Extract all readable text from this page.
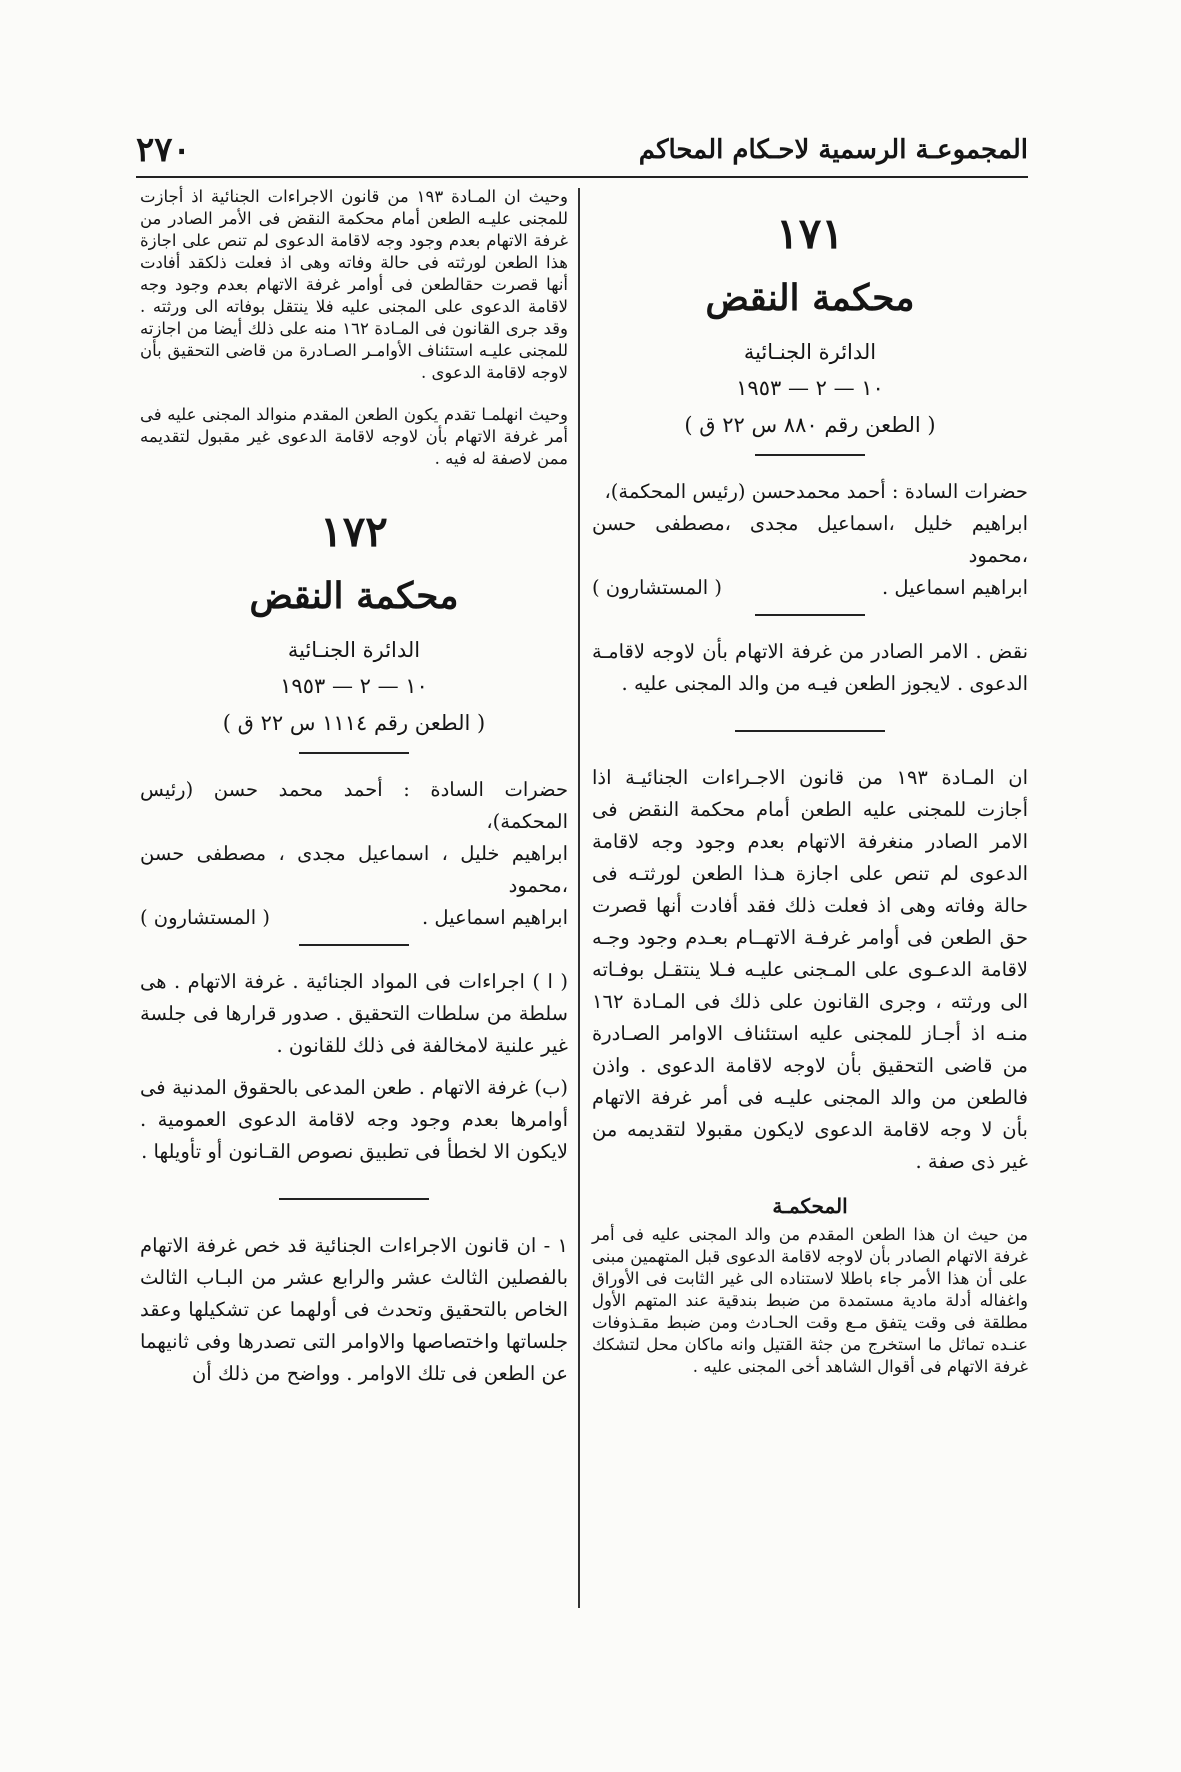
٢٧٠	المجموعـة الرسمية لاحـكام المحاكم
١٧١
محكمة النقض
الدائرة الجنـائية
١٠ — ٢ — ١٩٥٣
( الطعن رقم ٨٨٠ س ٢٢ ق )

حضرات السادة : أحمد محمدحسن (رئيس المحكمة)،

ابراهيم خليل ،اسماعيل مجدى ،مصطفى حسن ،محمود

ابراهيم اسماعيل .
( المستشارون )

نقض . الامر الصادر من غرفة الاتهام بأن لاوجه لاقامـة الدعوى . لايجوز الطعن فيـه من والد المجنى عليه .

ان المـادة ١٩٣ من قانون الاجـراءات الجنائيـة اذا أجازت للمجنى عليه الطعن أمام محكمة النقض فى الامر الصادر منغرفة الاتهام بعدم وجود وجه لاقامة الدعوى لم تنص على اجازة هـذا الطعن لورثتـه فى حالة وفاته وهى اذ فعلت ذلك فقد أفادت أنها قصرت حق الطعن فى أوامر غرفـة الاتهــام بعـدم وجود وجـه لاقامة الدعـوى على المـجنى عليـه فـلا ينتقـل بوفـاته الى ورثته ، وجرى القانون على ذلك فى المـادة ١٦٢ منـه اذ أجـاز للمجنى عليه استئناف الاوامر الصـادرة من قاضى التحقيق بأن لاوجه لاقامة الدعوى . واذن فالطعن من والد المجنى عليـه فى أمر غرفة الاتهام بأن لا وجه لاقامة الدعوى لايكون مقبولا لتقديمه من غير ذى صفة .

المحكمـة

من حيث ان هذا الطعن المقدم من والد المجنى عليه فى أمر غرفة الاتهام الصادر بأن لاوجه لاقامة الدعوى قبل المتهمين مبنى على أن هذا الأمر جاء باطلا لاستناده الى غير الثابت فى الأوراق واغفاله أدلة مادية مستمدة من ضبط بندقية عند المتهم الأول مطلقة فى وقت يتفق مـع وقت الحـادث ومن ضبط مقـذوفات عنـده تماثل ما استخرج من جثة القتيل وانه ماكان محل لتشكك غرفة الاتهام فى أقوال الشاهد أخى المجنى عليه .

وحيث ان المـادة ١٩٣ من قانون الاجراءات الجنائية اذ أجازت للمجنى عليـه الطعن أمام محكمة النقض فى الأمر الصادر من غرفة الاتهام بعدم وجود وجه لاقامة الدعوى لم تنص على اجازة هذا الطعن لورثته فى حالة وفاته وهى اذ فعلت ذلكقد أفادت أنها قصرت حقالطعن فى أوامر غرفة الاتهام بعدم وجود وجه لاقامة الدعوى على المجنى عليه فلا ينتقل بوفاته الى ورثته . وقد جرى القانون فى المـادة ١٦٢ منه على ذلك أيضا من اجازته للمجنى عليـه استئناف الأوامـر الصـادرة من قاضى التحقيق بأن لاوجه لاقامة الدعوى .

وحيث انهلمـا تقدم يكون الطعن المقدم منوالد المجنى عليه فى أمر غرفة الاتهام بأن لاوجه لاقامة الدعوى غير مقبول لتقديمه ممن لاصفة له فيه .

١٧٢
محكمة النقض
الدائرة الجنـائية
١٠ — ٢ — ١٩٥٣
( الطعن رقم ١١١٤ س ٢٢ ق )

حضرات السادة : أحمد محمد حسن (رئيس المحكمة)،

ابراهيم خليل ، اسماعيل مجدى ، مصطفى حسن ،محمود

ابراهيم اسماعيل .
( المستشارون )

( ا ) اجراءات فى المواد الجنائية . غرفة الاتهام . هى سلطة من سلطات التحقيق . صدور قرارها فى جلسة غير علنية لامخالفة فى ذلك للقانون .

(ب) غرفة الاتهام . طعن المدعى بالحقوق المدنية فى أوامرها بعدم وجود وجه لاقامة الدعوى العمومية . لايكون الا لخطأ فى تطبيق نصوص القـانون أو تأويلها .

١ - ان قانون الاجراءات الجنائية قد خص غرفة الاتهام بالفصلين الثالث عشر والرابع عشر من البـاب الثالث الخاص بالتحقيق وتحدث فى أولهما عن تشكيلها وعقد جلساتها واختصاصها والاوامر التى تصدرها وفى ثانيهما عن الطعن فى تلك الاوامر . وواضح من ذلك أن
